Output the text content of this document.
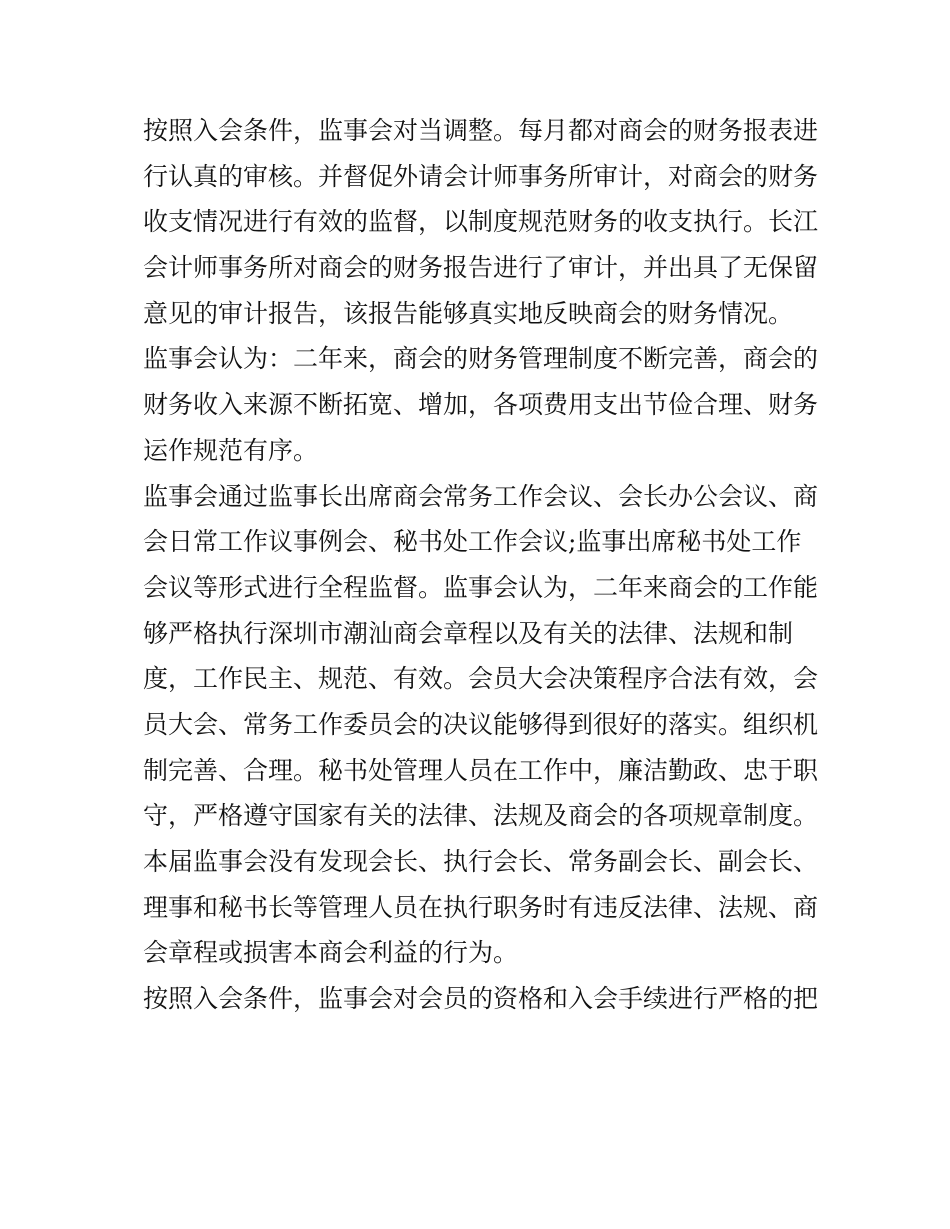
按照入会条件，监事会对当调整。每月都对商会的财务报表进
行认真的审核。并督促外请会计师事务所审计，对商会的财务
收支情况进行有效的监督，以制度规范财务的收支执行。长江
会计师事务所对商会的财务报告进行了审计，并出具了无保留
意见的审计报告，该报告能够真实地反映商会的财务情况。
监事会认为：二年来，商会的财务管理制度不断完善，商会的
财务收入来源不断拓宽、增加，各项费用支出节俭合理、财务
运作规范有序。
监事会通过监事长出席商会常务工作会议、会长办公会议、商
会日常工作议事例会、秘书处工作会议;监事出席秘书处工作
会议等形式进行全程监督。监事会认为，二年来商会的工作能
够严格执行深圳市潮汕商会章程以及有关的法律、法规和制
度，工作民主、规范、有效。会员大会决策程序合法有效，会
员大会、常务工作委员会的决议能够得到很好的落实。组织机
制完善、合理。秘书处管理人员在工作中，廉洁勤政、忠于职
守，严格遵守国家有关的法律、法规及商会的各项规章制度。
本届监事会没有发现会长、执行会长、常务副会长、副会长、
理事和秘书长等管理人员在执行职务时有违反法律、法规、商
会章程或损害本商会利益的行为。
按照入会条件，监事会对会员的资格和入会手续进行严格的把
